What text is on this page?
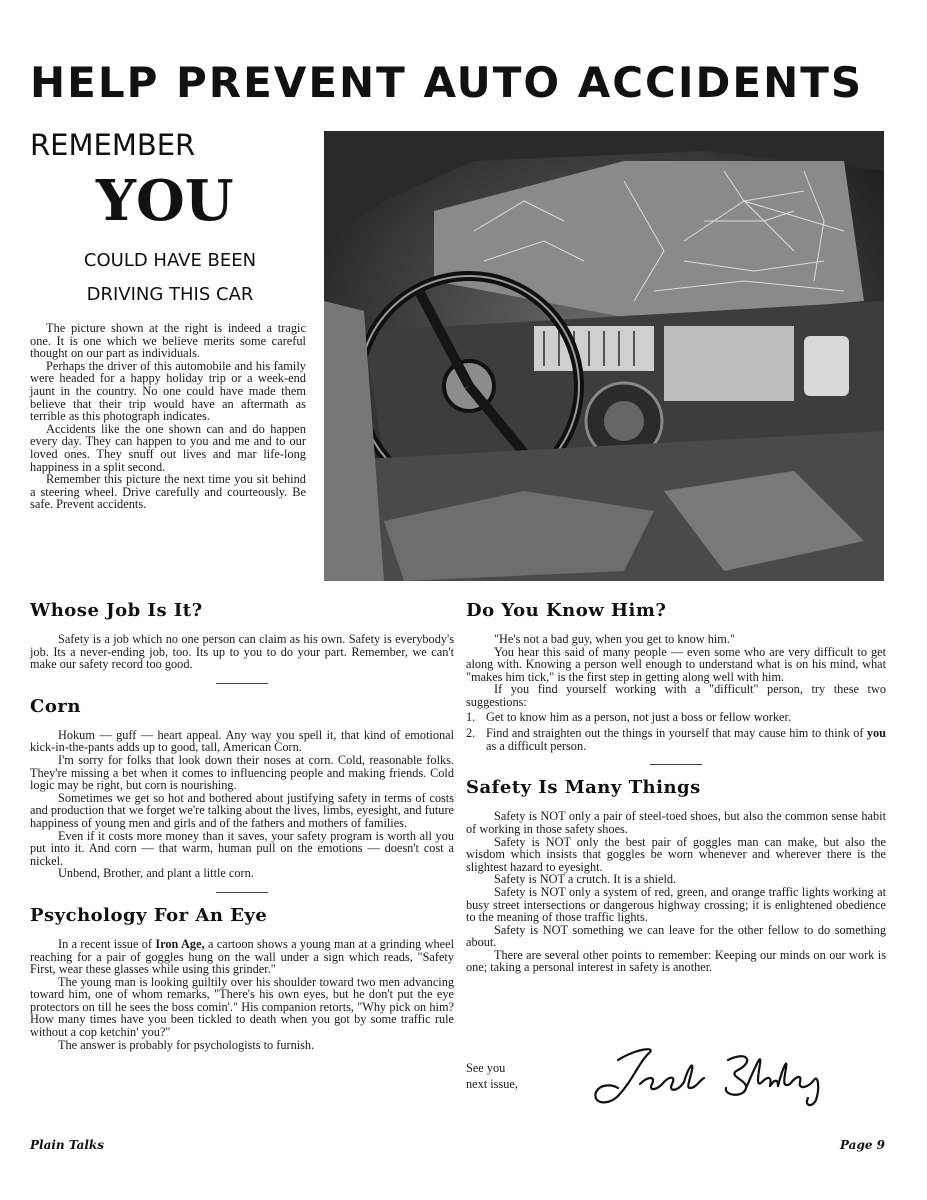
HELP PREVENT AUTO ACCIDENTS
REMEMBER
YOU
COULD HAVE BEEN
DRIVING THIS CAR

The picture shown at the right is indeed a tragic one. It is one which we believe merits some careful thought on our part as individuals.

Perhaps the driver of this automobile and his family were headed for a happy holiday trip or a week-end jaunt in the country. No one could have made them believe that their trip would have an aftermath as terrible as this photograph indicates.

Accidents like the one shown can and do happen every day. They can happen to you and me and to our loved ones. They snuff out lives and mar life-long happiness in a split second.

Remember this picture the next time you sit behind a steering wheel. Drive carefully and courteously. Be safe. Prevent accidents.

Whose Job Is It?

Safety is a job which no one person can claim as his own. Safety is everybody's job. Its a never-ending job, too. Its up to you to do your part. Remember, we can't make our safety record too good.

Corn

Hokum — guff — heart appeal. Any way you spell it, that kind of emotional kick-in-the-pants adds up to good, tall, American Corn.

I'm sorry for folks that look down their noses at corn. Cold, reasonable folks. They're missing a bet when it comes to influencing people and making friends. Cold logic may be right, but corn is nourishing.

Sometimes we get so hot and bothered about justifying safety in terms of costs and production that we forget we're talking about the lives, limbs, eyesight, and future happiness of young men and girls and of the fathers and mothers of families.

Even if it costs more money than it saves, your safety program is worth all you put into it. And corn — that warm, human pull on the emotions — doesn't cost a nickel.

Unbend, Brother, and plant a little corn.

Psychology For An Eye

In a recent issue of Iron Age, a cartoon shows a young man at a grinding wheel reaching for a pair of goggles hung on the wall under a sign which reads, "Safety First, wear these glasses while using this grinder."

The young man is looking guiltily over his shoulder toward two men advancing toward him, one of whom remarks, "There's his own eyes, but he don't put the eye protectors on till he sees the boss comin'." His companion retorts, "Why pick on him? How many times have you been tickled to death when you got by some traffic rule without a cop ketchin' you?"

The answer is probably for psychologists to furnish.

Do You Know Him?

"He's not a bad guy, when you get to know him."

You hear this said of many people — even some who are very difficult to get along with. Knowing a person well enough to understand what is on his mind, what "makes him tick," is the first step in getting along well with him.

If you find yourself working with a "difficult" person, try these two suggestions:

1. Get to know him as a person, not just a boss or fellow worker.
2. Find and straighten out the things in yourself that may cause him to think of you as a difficult person.
Safety Is Many Things

Safety is NOT only a pair of steel-toed shoes, but also the common sense habit of working in those safety shoes.

Safety is NOT only the best pair of goggles man can make, but also the wisdom which insists that goggles be worn whenever and wherever there is the slightest hazard to eyesight.

Safety is NOT a crutch. It is a shield.

Safety is NOT only a system of red, green, and orange traffic lights working at busy street intersections or dangerous highway crossing; it is enlightened obedience to the meaning of those traffic lights.

Safety is NOT something we can leave for the other fellow to do something about.

There are several other points to remember: Keeping our minds on our work is one; taking a personal interest in safety is another.

See you
next issue,
Plain Talks	Page 9
